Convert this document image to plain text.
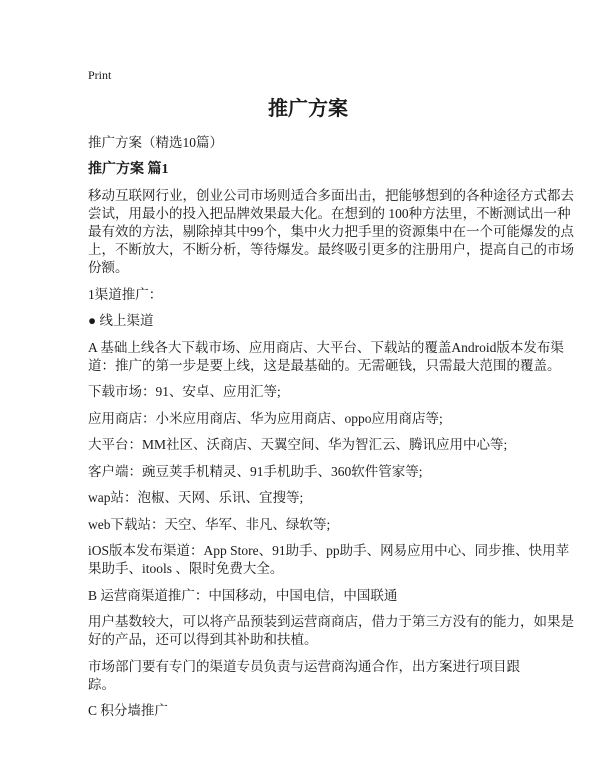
Print
推广方案

推广方案（精选10篇）

推广方案 篇1

移动互联网行业，创业公司市场则适合多面出击，把能够想到的各种途径方式都去
尝试，用最小的投入把品牌效果最大化。在想到的 100种方法里，不断测试出一种
最有效的方法，剔除掉其中99个，集中火力把手里的资源集中在一个可能爆发的点
上，不断放大，不断分析，等待爆发。最终吸引更多的注册用户，提高自己的市场
份额。

1渠道推广：

● 线上渠道

A 基础上线各大下载市场、应用商店、大平台、下载站的覆盖Android版本发布渠
道：推广的第一步是要上线，这是最基础的。无需砸钱，只需最大范围的覆盖。

下载市场：91、安卓、应用汇等;

应用商店：小米应用商店、华为应用商店、oppo应用商店等;

大平台：MM社区、沃商店、天翼空间、华为智汇云、腾讯应用中心等;

客户端：豌豆荚手机精灵、91手机助手、360软件管家等;

wap站：泡椒、天网、乐讯、宜搜等;

web下载站：天空、华军、非凡、绿软等;

iOS版本发布渠道：App Store、91助手、pp助手、网易应用中心、同步推、快用苹
果助手、itools 、限时免费大全。

B 运营商渠道推广：中国移动，中国电信，中国联通

用户基数较大，可以将产品预装到运营商商店，借力于第三方没有的能力，如果是
好的产品，还可以得到其补助和扶植。

市场部门要有专门的渠道专员负责与运营商沟通合作，出方案进行项目跟踪。

C 积分墙推广
